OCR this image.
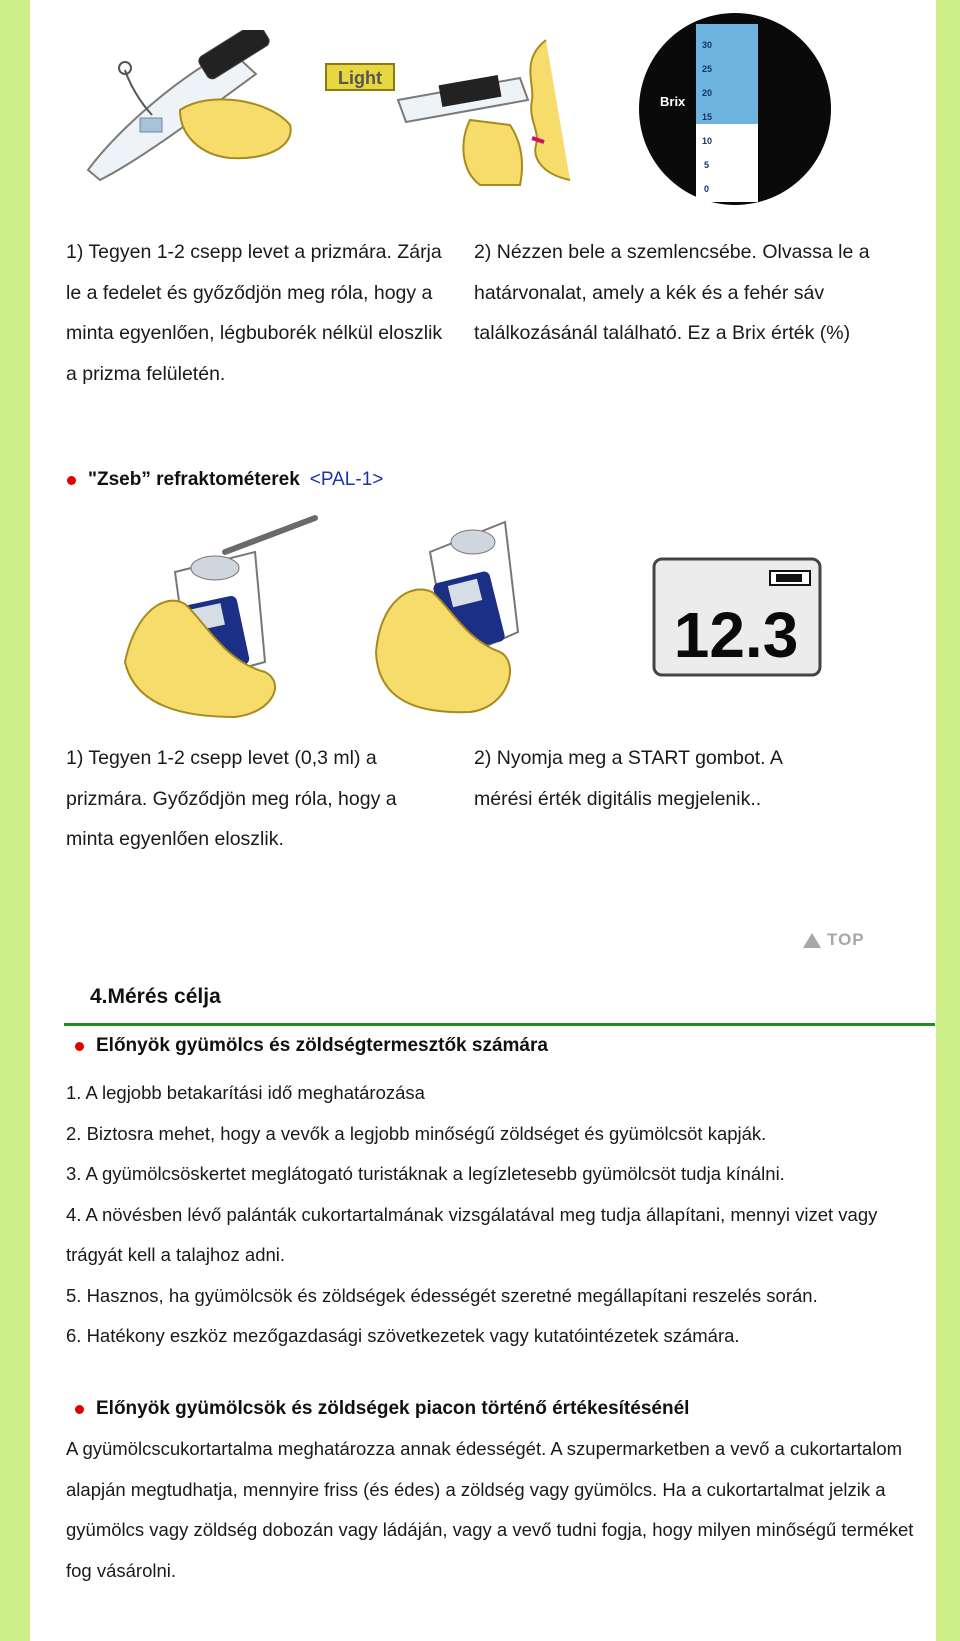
Light
Brix
30
25
20
15
10
5
0

1) Tegyen 1-2 csepp levet a prizmára. Zárja le a fedelet és győződjön meg róla, hogy a minta egyenlően, légbuborék nélkül eloszlik a prizma felületén.

2) Nézzen bele a szemlencsébe. Olvassa le a határvonalat, amely a kék és a fehér sáv találkozásánál található. Ez a Brix érték (%)

"Zseb” refraktométerek <PAL-1>
12.3

1) Tegyen 1-2 csepp levet (0,3 ml) a prizmára. Győződjön meg róla, hogy a minta egyenlően eloszlik.

2) Nyomja meg a START gombot. A mérési érték digitális megjelenik..

TOP
4.Mérés célja
Előnyök gyümölcs és zöldségtermesztők számára

1. A legjobb betakarítási idő meghatározása

2. Biztosra mehet, hogy a vevők a legjobb minőségű zöldséget és gyümölcsöt kapják.

3. A gyümölcsöskertet meglátogató turistáknak a legízletesebb gyümölcsöt tudja kínálni.

4. A növésben lévő palánták cukortartalmának vizsgálatával meg tudja állapítani, mennyi vizet vagy trágyát kell a talajhoz adni.

5. Hasznos, ha gyümölcsök és zöldségek édességét szeretné megállapítani reszelés során.

6. Hatékony eszköz mezőgazdasági szövetkezetek vagy kutatóintézetek számára.

Előnyök gyümölcsök és zöldségek piacon történő értékesítésénél

A gyümölcscukortartalma meghatározza annak édességét. A szupermarketben a vevő a cukortartalom alapján megtudhatja, mennyire friss (és édes) a zöldség vagy gyümölcs. Ha a cukortartalmat jelzik a gyümölcs vagy zöldség dobozán vagy ládáján, vagy a vevő tudni fogja, hogy milyen minőségű terméket fog vásárolni.
